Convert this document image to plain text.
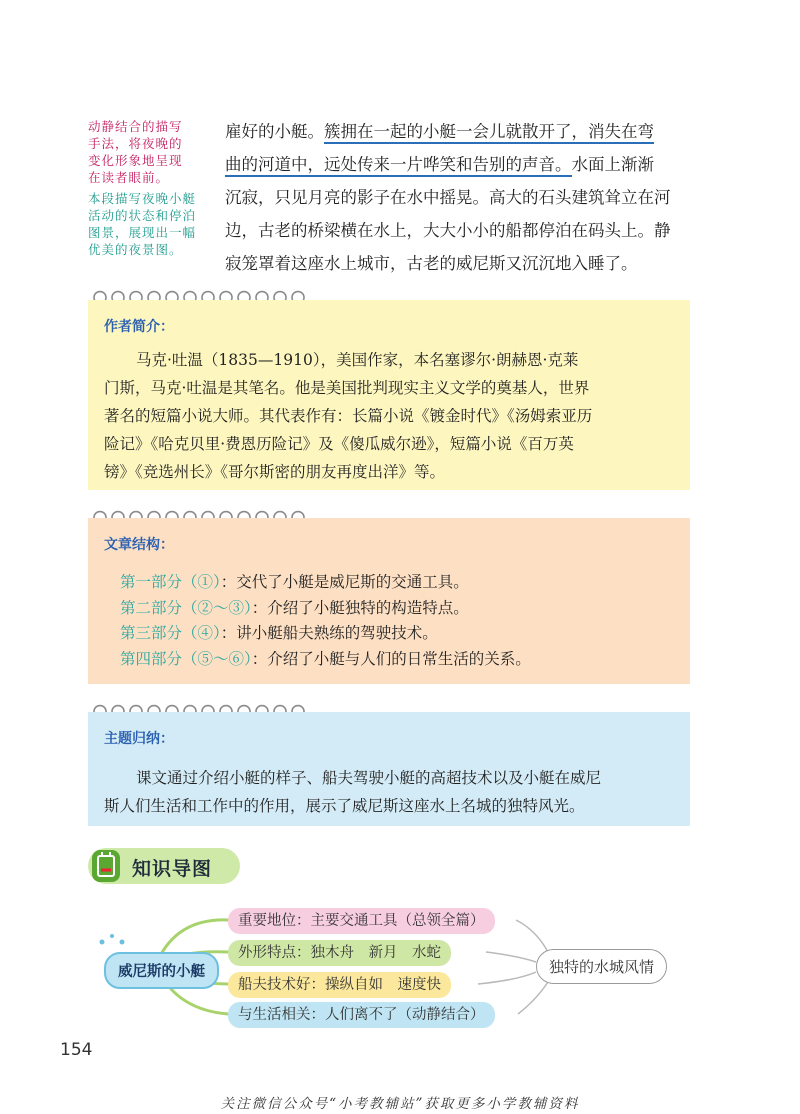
动静结合的描写
手法，将夜晚的
变化形象地呈现
在读者眼前。
本段描写夜晚小艇
活动的状态和停泊
图景，展现出一幅
优美的夜景图。
雇好的小艇。簇拥在一起的小艇一会儿就散开了，消失在弯
曲的河道中，远处传来一片哗笑和告别的声音。水面上渐渐
沉寂，只见月亮的影子在水中摇晃。高大的石头建筑耸立在河
边，古老的桥梁横在水上，大大小小的船都停泊在码头上。静
寂笼罩着这座水上城市，古老的威尼斯又沉沉地入睡了。
作者简介：
马克·吐温（1835—1910），美国作家，本名塞谬尔·朗赫恩·克莱
门斯，马克·吐温是其笔名。他是美国批判现实主义文学的奠基人，世界
著名的短篇小说大师。其代表作有：长篇小说《镀金时代》《汤姆索亚历
险记》《哈克贝里·费恩历险记》及《傻瓜威尔逊》，短篇小说《百万英
镑》《竞选州长》《哥尔斯密的朋友再度出洋》等。
文章结构：
第一部分（①）：交代了小艇是威尼斯的交通工具。
第二部分（②～③）：介绍了小艇独特的构造特点。
第三部分（④）：讲小艇船夫熟练的驾驶技术。
第四部分（⑤～⑥）：介绍了小艇与人们的日常生活的关系。
主题归纳：
课文通过介绍小艇的样子、船夫驾驶小艇的高超技术以及小艇在威尼
斯人们生活和工作中的作用，展示了威尼斯这座水上名城的独特风光。
知识导图
重要地位：主要交通工具（总领全篇）
外形特点：独木舟　新月　水蛇
船夫技术好：操纵自如　速度快
与生活相关：人们离不了（动静结合）
威尼斯的小艇	独特的水城风情
154
关注微信公众号“小考教辅站”获取更多小学教辅资料
